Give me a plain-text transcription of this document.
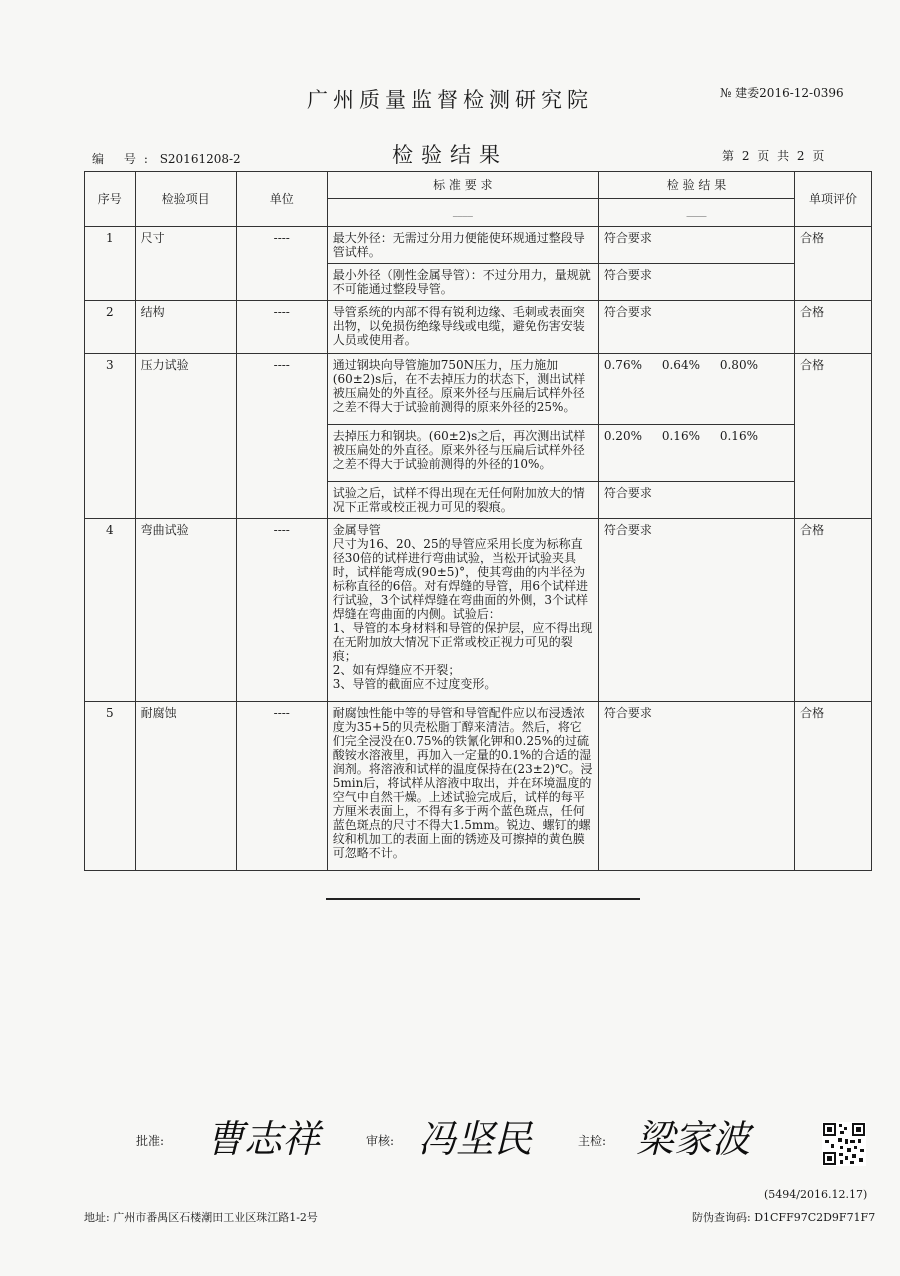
广州质量监督检测研究院	№ 建委2016-12-0396
检验结果
编 号: S20161208-2	第 2 页 共 2 页
序号	检验项目	单位	标 准 要 求	检 验 结 果	单项评价
			____	____	
1	尺寸	----	最大外径：无需过分用力便能使环规通过整段导管试样。	符合要求	合格
			最小外径（刚性金属导管）：不过分用力，量规就不可能通过整段导管。	符合要求	
2	结构	----	导管系统的内部不得有锐利边缘、毛刺或表面突出物，以免损伤绝缘导线或电缆，避免伤害安装人员或使用者。	符合要求	合格
3	压力试验	----	通过钢块向导管施加750N压力，压力施加(60±2)s后，在不去掉压力的状态下，测出试样被压扁处的外直径。原来外径与压扁后试样外径之差不得大于试验前测得的原来外径的25%。	0.76% 0.64% 0.80%	合格
			去掉压力和钢块。(60±2)s之后，再次测出试样被压扁处的外直径。原来外径与压扁后试样外径之差不得大于试验前测得的外径的10%。	0.20% 0.16% 0.16%	
			试验之后，试样不得出现在无任何附加放大的情况下正常或校正视力可见的裂痕。	符合要求	
4	弯曲试验	----	金属导管
尺寸为16、20、25的导管应采用长度为标称直径30倍的试样进行弯曲试验，当松开试验夹具时，试样能弯成(90±5)°，使其弯曲的内半径为标称直径的6倍。对有焊缝的导管，用6个试样进行试验，3个试样焊缝在弯曲面的外侧，3个试样焊缝在弯曲面的内侧。试验后：
1、导管的本身材料和导管的保护层，应不得出现在无附加放大情况下正常或校正视力可见的裂痕；
2、如有焊缝应不开裂；
3、导管的截面应不过度变形。	符合要求	合格
5	耐腐蚀	----	耐腐蚀性能中等的导管和导管配件应以布浸透浓度为35+5的贝壳松脂丁醇来清洁。然后，将它们完全浸没在0.75%的铁氰化钾和0.25%的过硫酸铵水溶液里，再加入一定量的0.1%的合适的湿润剂。将溶液和试样的温度保持在(23±2)℃。浸5min后，将试样从溶液中取出，并在环境温度的空气中自然干燥。上述试验完成后，试样的每平方厘米表面上，不得有多于两个蓝色斑点，任何蓝色斑点的尺寸不得大1.5mm。锐边、螺钉的螺纹和机加工的表面上面的锈迹及可擦掉的黄色膜可忽略不计。	符合要求	合格
批准: 曹志祥	审核: 冯坚民	主检: 梁家波
(5494/2016.12.17)
地址: 广州市番禺区石楼潮田工业区珠江路1-2号	防伪查询码: D1CFF97C2D9F71F7
